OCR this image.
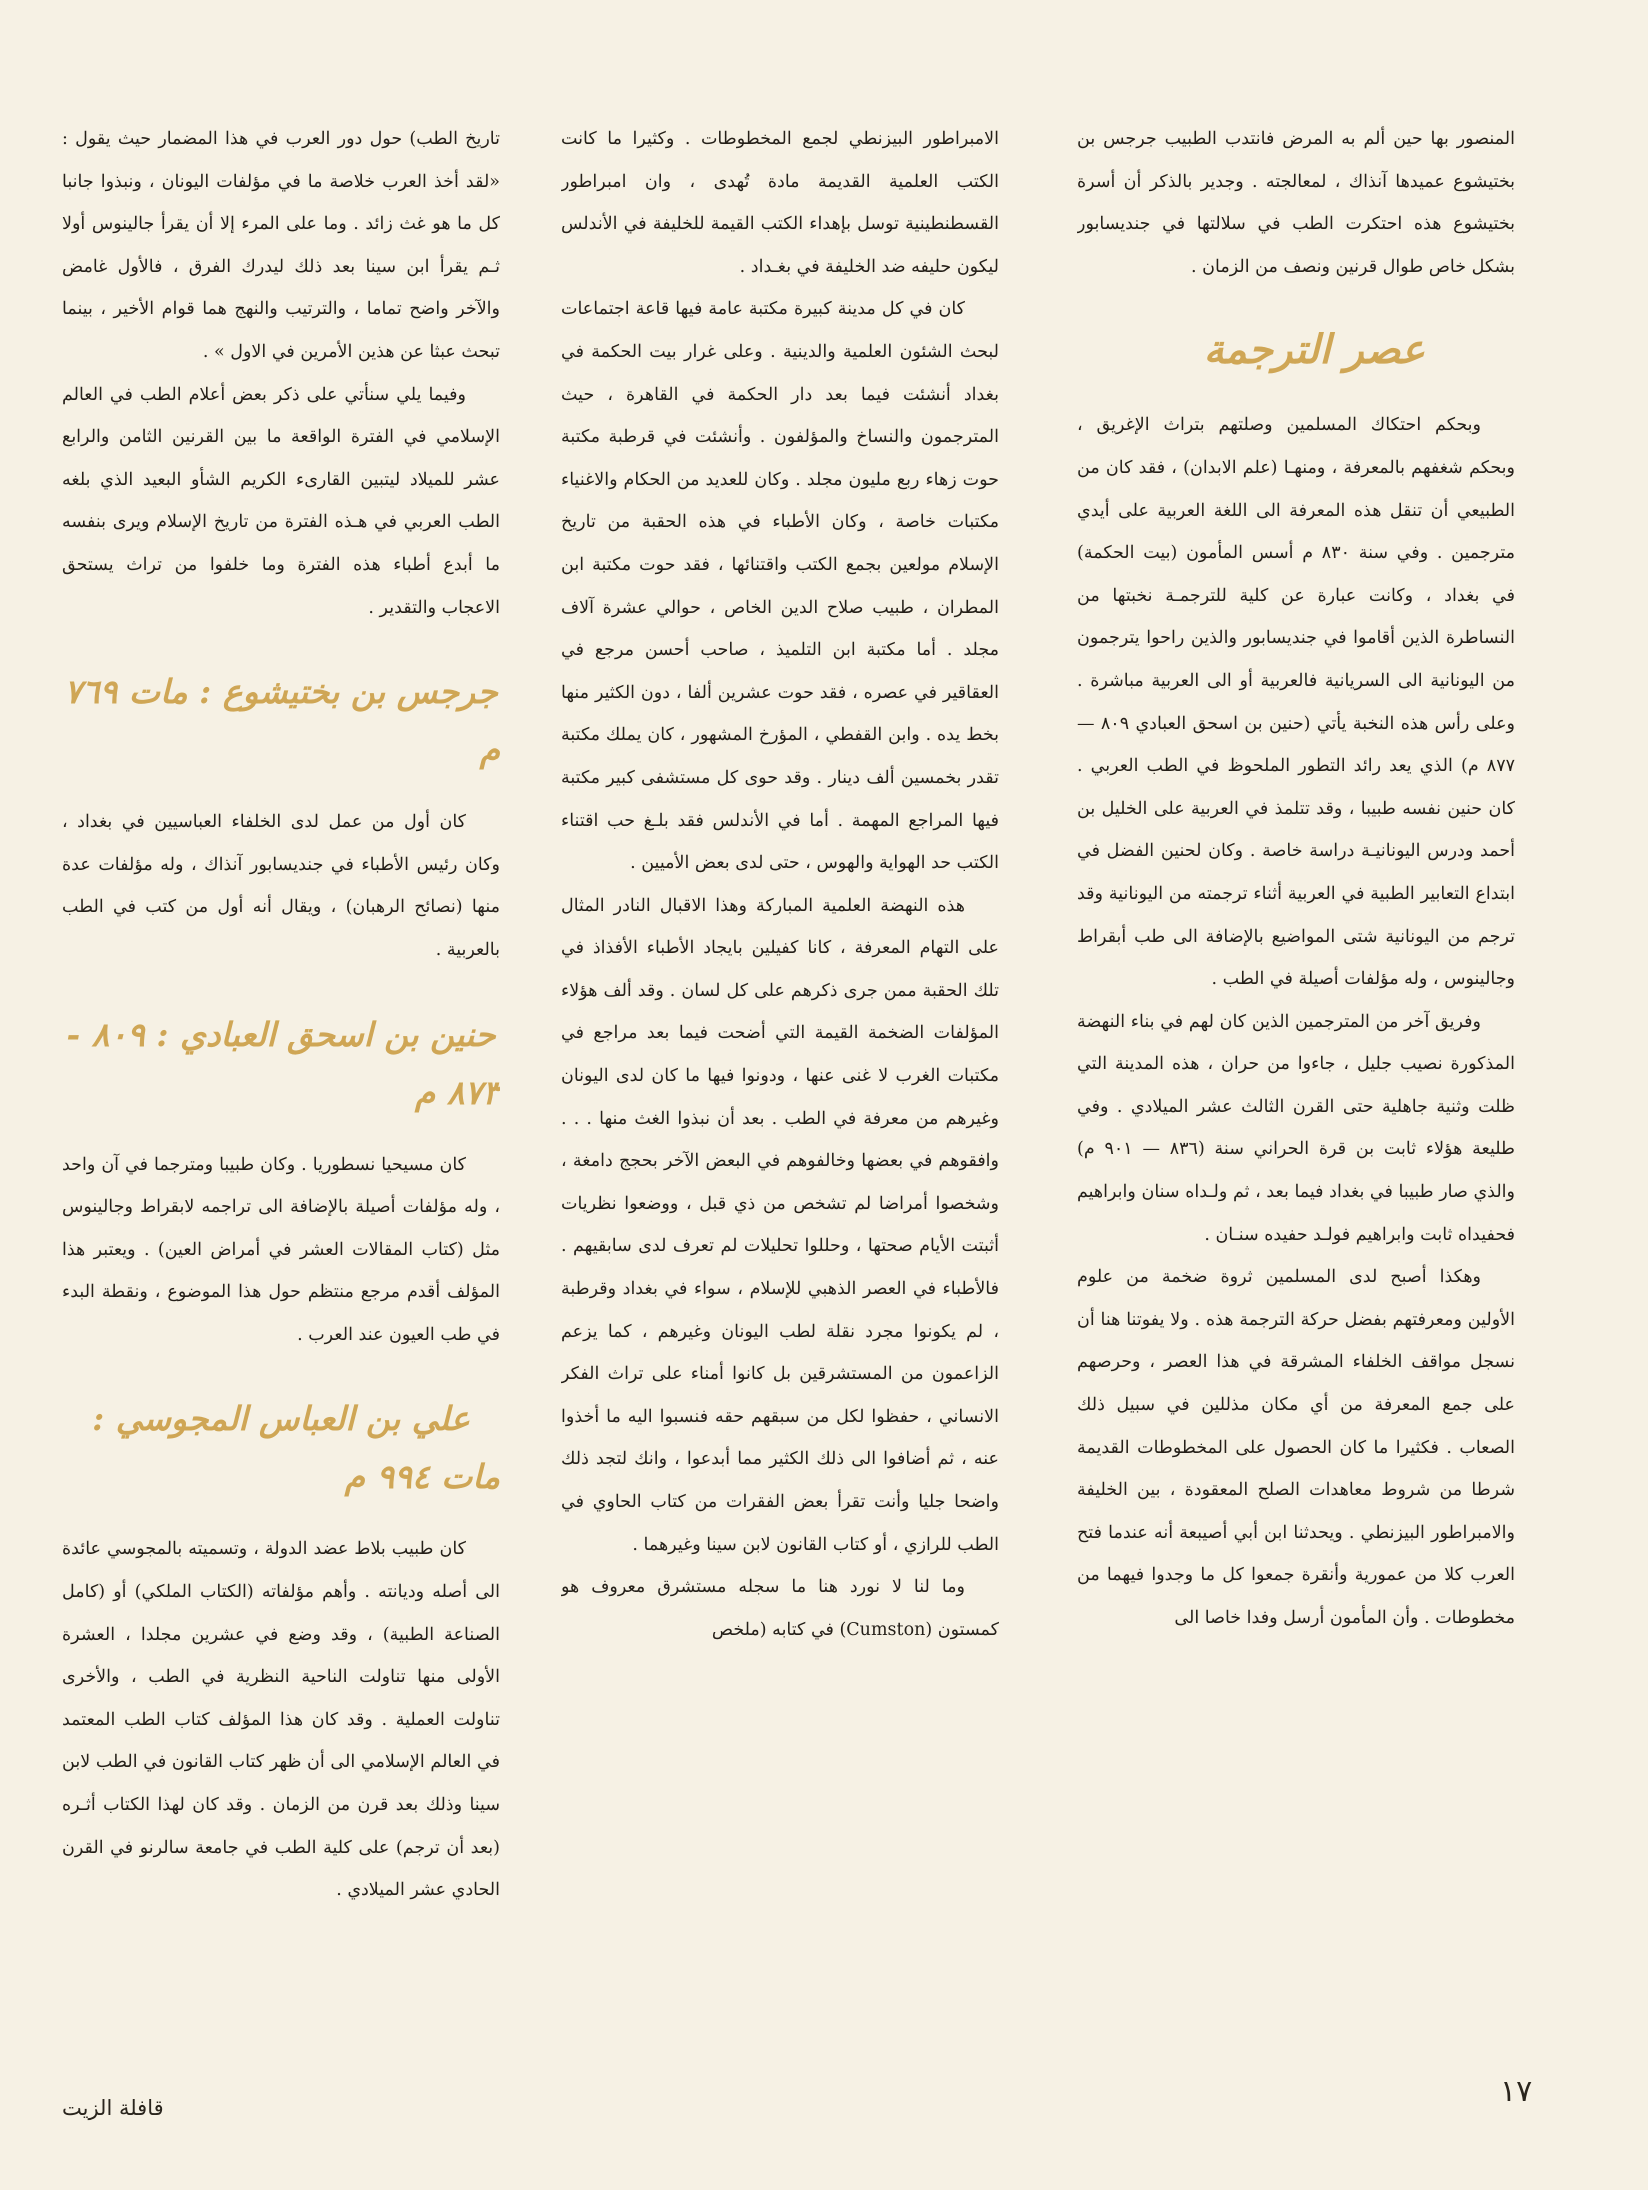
المنصور بها حين ألم به المرض فانتدب الطبيب جرجس بن بختيشوع عميدها آنذاك ، لمعالجته . وجدير بالذكر أن أسرة بختيشوع هذه احتكرت الطب في سلالتها في جنديسابور بشكل خاص طوال قرنين ونصف من الزمان .

عصر الترجمة

وبحكم احتكاك المسلمين وصلتهم بتراث الإغريق ، وبحكم شغفهم بالمعرفة ، ومنهـا (علم الابدان) ، فقد كان من الطبيعي أن تنقل هذه المعرفة الى اللغة العربية على أيدي مترجمين . وفي سنة ٨٣٠ م أسس المأمون (بيت الحكمة) في بغداد ، وكانت عبارة عن كلية للترجمـة نخبتها من النساطرة الذين أقاموا في جنديسابور والذين راحوا يترجمون من اليونانية الى السريانية فالعربية أو الى العربية مباشرة . وعلى رأس هذه النخبة يأتي (حنين بن اسحق العبادي ٨٠٩ — ٨٧٧ م) الذي يعد رائد التطور الملحوظ في الطب العربي . كان حنين نفسه طبيبا ، وقد تتلمذ في العربية على الخليل بن أحمد ودرس اليونانيـة دراسة خاصة . وكان لحنين الفضل في ابتداع التعابير الطبية في العربية أثناء ترجمته من اليونانية وقد ترجم من اليونانية شتى المواضيع بالإضافة الى طب أبقراط وجالينوس ، وله مؤلفات أصيلة في الطب .

وفريق آخر من المترجمين الذين كان لهم في بناء النهضة المذكورة نصيب جليل ، جاءوا من حران ، هذه المدينة التي ظلت وثنية جاهلية حتى القرن الثالث عشر الميلادي . وفي طليعة هؤلاء ثابت بن قرة الحراني سنة (٨٣٦ — ٩٠١ م) والذي صار طبيبا في بغداد فيما بعد ، ثم ولـداه سنان وابراهيم فحفيداه ثابت وابراهيم فولـد حفيده سنـان .

وهكذا أصبح لدى المسلمين ثروة ضخمة من علوم الأولين ومعرفتهم بفضل حركة الترجمة هذه . ولا يفوتنا هنا أن نسجل مواقف الخلفاء المشرقة في هذا العصر ، وحرصهم على جمع المعرفة من أي مكان مذللين في سبيل ذلك الصعاب . فكثيرا ما كان الحصول على المخطوطات القديمة شرطا من شروط معاهدات الصلح المعقودة ، بين الخليفة والامبراطور البيزنطي . ويحدثنا ابن أبي أصيبعة أنه عندما فتح العرب كلا من عمورية وأنقرة جمعوا كل ما وجدوا فيهما من مخطوطات . وأن المأمون أرسل وفدا خاصا الى

الامبراطور البيزنطي لجمع المخطوطات . وكثيرا ما كانت الكتب العلمية القديمة مادة تُهدى ، وان امبراطور القسطنطينية توسل بإهداء الكتب القيمة للخليفة في الأندلس ليكون حليفه ضد الخليفة في بغـداد .

كان في كل مدينة كبيرة مكتبة عامة فيها قاعة اجتماعات لبحث الشئون العلمية والدينية . وعلى غرار بيت الحكمة في بغداد أنشئت فيما بعد دار الحكمة في القاهرة ، حيث المترجمون والنساخ والمؤلفون . وأنشئت في قرطبة مكتبة حوت زهاء ربع مليون مجلد . وكان للعديد من الحكام والاغنياء مكتبات خاصة ، وكان الأطباء في هذه الحقبة من تاريخ الإسلام مولعين بجمع الكتب واقتنائها ، فقد حوت مكتبة ابن المطران ، طبيب صلاح الدين الخاص ، حوالي عشرة آلاف مجلد . أما مكتبة ابن التلميذ ، صاحب أحسن مرجع في العقاقير في عصره ، فقد حوت عشرين ألفا ، دون الكثير منها بخط يده . وابن القفطي ، المؤرخ المشهور ، كان يملك مكتبة تقدر بخمسين ألف دينار . وقد حوى كل مستشفى كبير مكتبة فيها المراجع المهمة . أما في الأندلس فقد بلـغ حب اقتناء الكتب حد الهواية والهوس ، حتى لدى بعض الأميين .

هذه النهضة العلمية المباركة وهذا الاقبال النادر المثال على التهام المعرفة ، كانا كفيلين بايجاد الأطباء الأفذاذ في تلك الحقبة ممن جرى ذكرهم على كل لسان . وقد ألف هؤلاء المؤلفات الضخمة القيمة التي أضحت فيما بعد مراجع في مكتبات الغرب لا غنى عنها ، ودونوا فيها ما كان لدى اليونان وغيرهم من معرفة في الطب . بعد أن نبذوا الغث منها . . . وافقوهم في بعضها وخالفوهم في البعض الآخر بحجج دامغة ، وشخصوا أمراضا لم تشخص من ذي قبل ، ووضعوا نظريات أثبتت الأيام صحتها ، وحللوا تحليلات لم تعرف لدى سابقيهم . فالأطباء في العصر الذهبي للإسلام ، سواء في بغداد وقرطبة ، لم يكونوا مجرد نقلة لطب اليونان وغيرهم ، كما يزعم الزاعمون من المستشرقين بل كانوا أمناء على تراث الفكر الانساني ، حفظوا لكل من سبقهم حقه فنسبوا اليه ما أخذوا عنه ، ثم أضافوا الى ذلك الكثير مما أبدعوا ، وانك لتجد ذلك واضحا جليا وأنت تقرأ بعض الفقرات من كتاب الحاوي في الطب للرازي ، أو كتاب القانون لابن سينا وغيرهما .

وما لنا لا نورد هنا ما سجله مستشرق معروف هو كمستون (Cumston) في كتابه (ملخص

تاريخ الطب) حول دور العرب في هذا المضمار حيث يقول : «لقد أخذ العرب خلاصة ما في مؤلفات اليونان ، ونبذوا جانبا كل ما هو غث زائد . وما على المرء إلا أن يقرأ جالينوس أولا ثـم يقرأ ابن سينا بعد ذلك ليدرك الفرق ، فالأول غامض والآخر واضح تماما ، والترتيب والنهج هما قوام الأخير ، بينما تبحث عبثا عن هذين الأمرين في الاول » .

وفيما يلي سنأتي على ذكر بعض أعلام الطب في العالم الإسلامي في الفترة الواقعة ما بين القرنين الثامن والرابع عشر للميلاد ليتبين القارىء الكريم الشأو البعيد الذي بلغه الطب العربي في هـذه الفترة من تاريخ الإسلام ويرى بنفسه ما أبدع أطباء هذه الفترة وما خلفوا من تراث يستحق الاعجاب والتقدير .

جرجس بن بختيشوع : مات ٧٦٩ م

كان أول من عمل لدى الخلفاء العباسيين في بغداد ، وكان رئيس الأطباء في جنديسابور آنذاك ، وله مؤلفات عدة منها (نصائح الرهبان) ، ويقال أنه أول من كتب في الطب بالعربية .

حنين بن اسحق العبادي : ٨٠٩ - ٨٧٣ م

كان مسيحيا نسطوريا . وكان طبيبا ومترجما في آن واحد ، وله مؤلفات أصيلة بالإضافة الى تراجمه لابقراط وجالينوس مثل (كتاب المقالات العشر في أمراض العين) . ويعتبر هذا المؤلف أقدم مرجع منتظم حول هذا الموضوع ، ونقطة البدء في طب العيون عند العرب .

علي بن العباس المجوسي : مات ٩٩٤ م

كان طبيب بلاط عضد الدولة ، وتسميته بالمجوسي عائدة الى أصله وديانته . وأهم مؤلفاته (الكتاب الملكي) أو (كامل الصناعة الطبية) ، وقد وضع في عشرين مجلدا ، العشرة الأولى منها تناولت الناحية النظرية في الطب ، والأخرى تناولت العملية . وقد كان هذا المؤلف كتاب الطب المعتمد في العالم الإسلامي الى أن ظهر كتاب القانون في الطب لابن سينا وذلك بعد قرن من الزمان . وقد كان لهذا الكتاب أثـره (بعد أن ترجم) على كلية الطب في جامعة سالرنو في القرن الحادي عشر الميلادي .

١٧
قافلة الزيت
